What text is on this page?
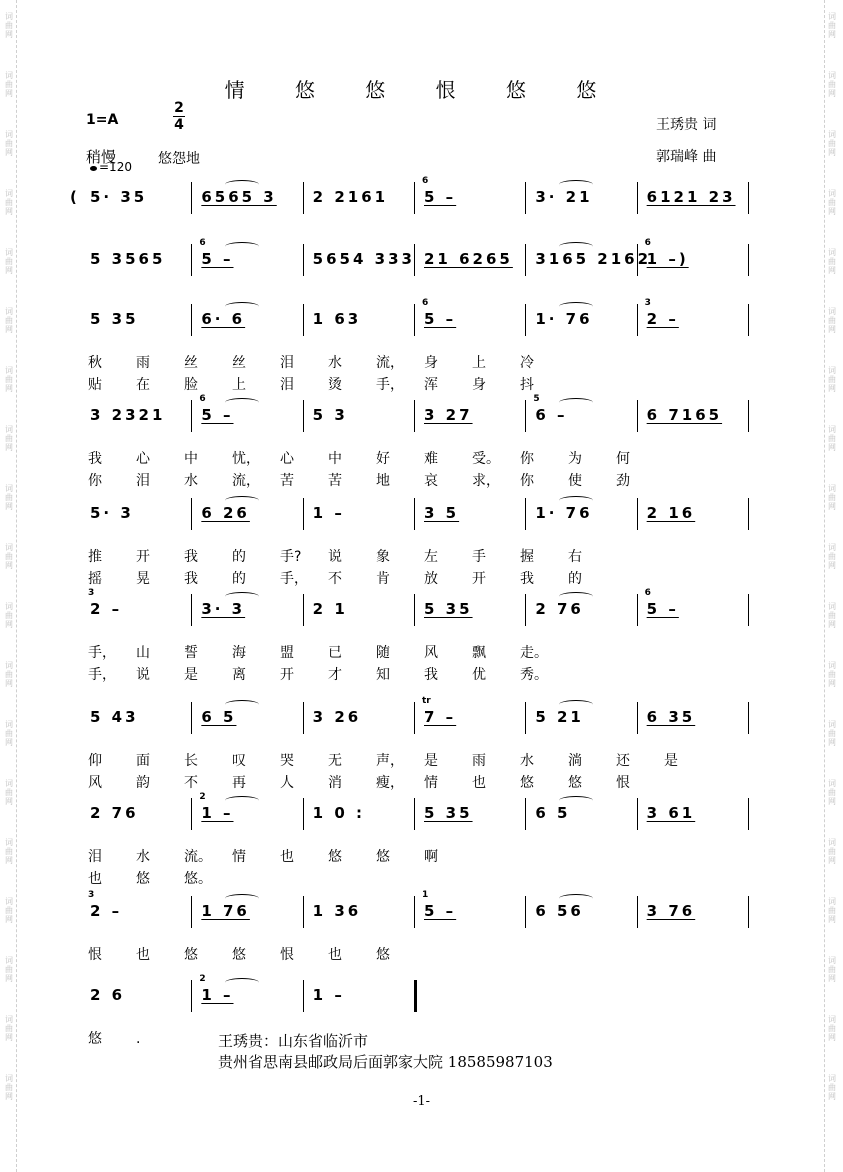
词
曲
网
词
曲
网
词
曲
网
词
曲
网
词
曲
网
词
曲
网
词
曲
网
词
曲
网
词
曲
网
词
曲
网
词
曲
网
词
曲
网
词
曲
网
词
曲
网
词
曲
网
词
曲
网
词
曲
网
词
曲
网
词
曲
网
词
曲
网
词
曲
网
词
曲
网
词
曲
网
词
曲
网
词
曲
网
词
曲
网
词
曲
网
词
曲
网
词
曲
网
词
曲
网
词
曲
网
词
曲
网
词
曲
网
词
曲
网
词
曲
网
词
曲
网
词
曲
网
词
曲
网
情 悠 悠 恨 悠 悠
1=A
2
4	王琇贵 词
稍慢	悠怨地
=120
郭瑞峰 曲
( 5· 35	6565 3 2 2161 5 –
6
3· 21	6121 23
5 3565 5 –
6
5654 333 21 6265 3165 2162
1 –)
6
5 35	6· 6	1 63	5 –
6
1· 76	2 –
3
秋 雨 丝 丝 泪 水 流， 身 上 冷
贴 在 脸 上 泪 烫 手， 浑 身 抖
3 2321 5 –
6
5 3	3 27	6 –
5
6 7165
我 心 中 忧， 心 中 好 难 受。 你 为 何
你 泪 水 流， 苦 苦 地 哀 求， 你 使 劲
5· 3	6 26	1 –	3 5	1· 76	2 16
推 开 我 的 手? 说 象 左 手 握 右
摇 晃 我 的 手， 不 肯 放 开 我 的
2 –
3
3· 3	2 1	5 35	2 76	5 –
6
手， 山 誓 海 盟 已 随 风 飘 走。
手， 说 是 离 开 才 知 我 优 秀。
5 43	6 5	3 26	7 –
tr
5 21	6 35
仰 面 长 叹 哭 无 声， 是 雨 水 淌 还 是
风 韵 不 再 人 消 瘦， 情 也 悠 悠 恨
2 76	1 –
2
1 0 :	5 35	6 5	3 61
泪 水 流。 情 也 悠 悠 啊
也 悠 悠。
2 –
3
1 76	1 36	5 –
1
6 56	3 76
恨 也 悠 悠 恨 也 悠
2 6	1 –
2
1 –
悠 .	王琇贵：山东省临沂市
贵州省思南县邮政局后面郭家大院 18585987103
-1-
